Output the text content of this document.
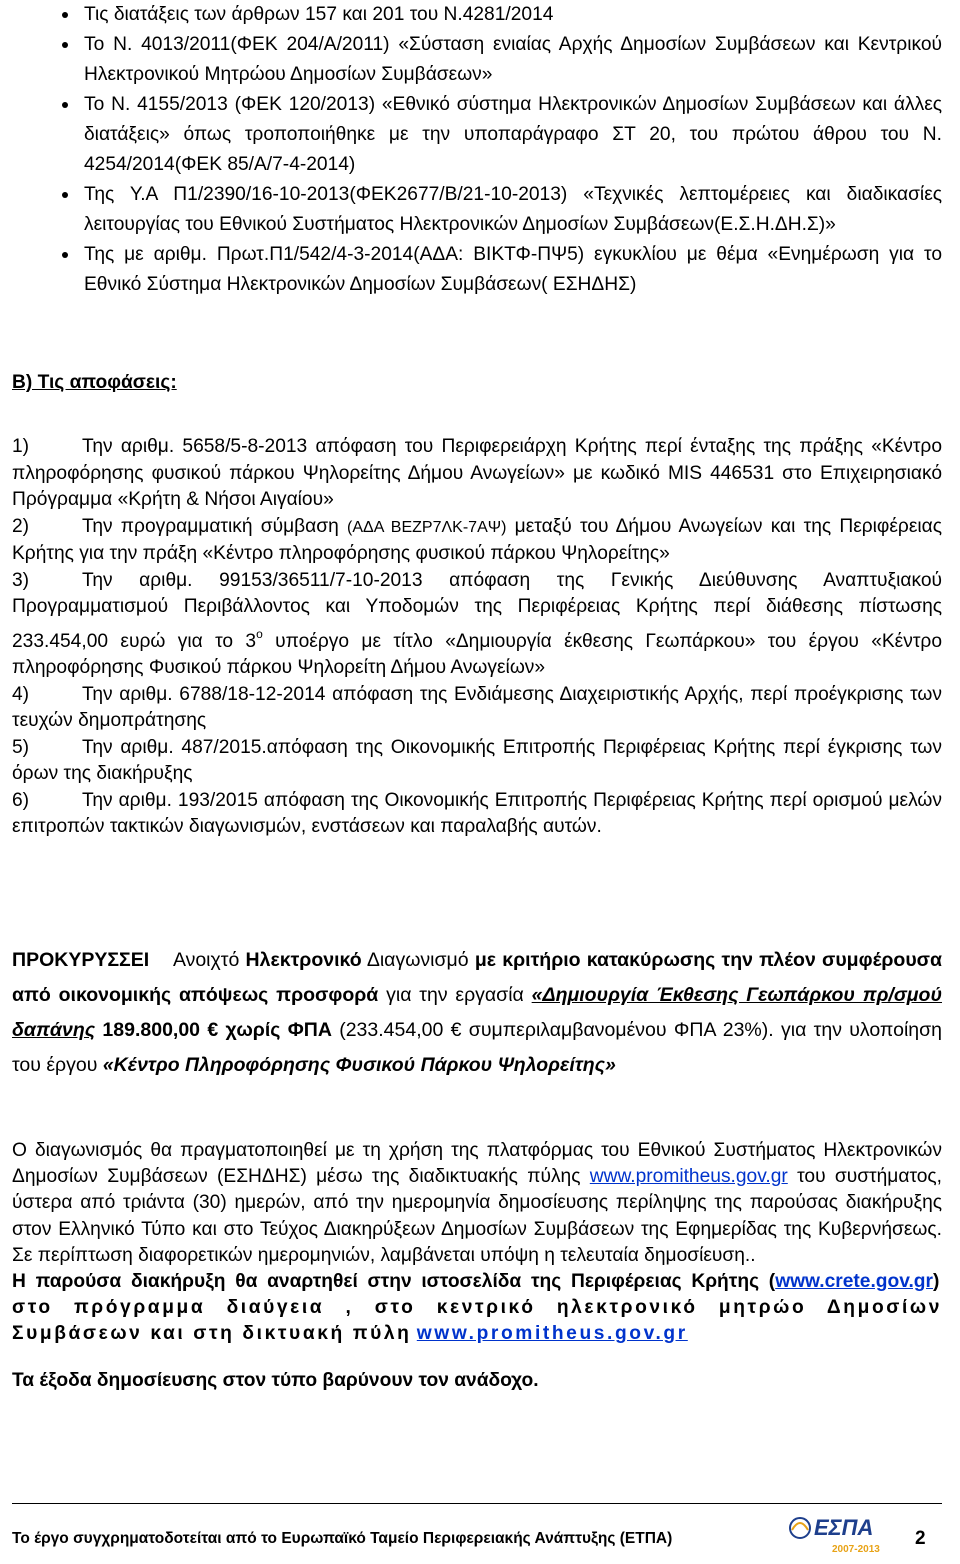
Τις διατάξεις των άρθρων 157 και 201 του Ν.4281/2014
Το Ν. 4013/2011(ΦΕΚ 204/Α/2011) «Σύσταση ενιαίας Αρχής Δημοσίων Συμβάσεων και Κεντρικού Ηλεκτρονικού Μητρώου Δημοσίων Συμβάσεων»
Το Ν. 4155/2013 (ΦΕΚ 120/2013) «Εθνικό σύστημα Ηλεκτρονικών Δημοσίων Συμβάσεων και άλλες διατάξεις» όπως τροποποιήθηκε με την υποπαράγραφο ΣΤ 20, του πρώτου άθρου του Ν. 4254/2014(ΦΕΚ 85/Α/7-4-2014)
Της Υ.Α Π1/2390/16-10-2013(ΦΕΚ2677/Β/21-10-2013) «Τεχνικές λεπτομέρειες και διαδικασίες λειτουργίας του Εθνικού Συστήματος Ηλεκτρονικών Δημοσίων Συμβάσεων(Ε.Σ.Η.ΔΗ.Σ)»
Της με αριθμ. Πρωτ.Π1/542/4-3-2014(ΑΔΑ: ΒΙΚΤΦ-ΠΨ5) εγκυκλίου με θέμα «Ενημέρωση για το Εθνικό Σύστημα Ηλεκτρονικών Δημοσίων Συμβάσεων( ΕΣΗΔΗΣ)
Β) Τις αποφάσεις:
1)	Την αριθμ. 5658/5-8-2013 απόφαση του Περιφερειάρχη Κρήτης περί ένταξης της πράξης «Κέντρο πληροφόρησης φυσικού πάρκου Ψηλορείτης Δήμου Ανωγείων» με κωδικό MIS 446531 στο Επιχειρησιακό Πρόγραμμα «Κρήτη & Νήσοι Αιγαίου»
2)	Την προγραμματική σύμβαση (ΑΔΑ ΒΕΖΡ7ΛΚ-7ΑΨ) μεταξύ του Δήμου Ανωγείων και της Περιφέρειας Κρήτης για την πράξη «Κέντρο πληροφόρησης φυσικού πάρκου Ψηλορείτης»
3)	Την αριθμ. 99153/36511/7-10-2013 απόφαση της Γενικής Διεύθυνσης Αναπτυξιακού Προγραμματισμού Περιβάλλοντος και Υποδομών της Περιφέρειας Κρήτης περί διάθεσης πίστωσης 233.454,00 ευρώ για το $3^o$ υποέργο με τίτλο «Δημιουργία έκθεσης Γεωπάρκου» του έργου «Κέντρο πληροφόρησης Φυσικού πάρκου Ψηλορείτη Δήμου Ανωγείων»
4)	Την αριθμ. 6788/18-12-2014 απόφαση της Ενδιάμεσης Διαχειριστικής Αρχής, περί προέγκρισης των τευχών δημοπράτησης
5)	Την αριθμ. 487/2015.απόφαση της Οικονομικής Επιτροπής Περιφέρειας Κρήτης περί έγκρισης των όρων της διακήρυξης
6)	Την αριθμ. 193/2015 απόφαση της Οικονομικής Επιτροπής Περιφέρειας Κρήτης περί ορισμού μελών επιτροπών τακτικών διαγωνισμών, ενστάσεων και παραλαβής αυτών.
ΠΡΟΚΥΡΥΣΣΕΙ Ανοιχτό Ηλεκτρονικό Διαγωνισμό με κριτήριο κατακύρωσης την πλέον συμφέρουσα από οικονομικής απόψεως προσφορά για την εργασία «Δημιουργία Έκθεσης Γεωπάρκου πρ/σμού δαπάνης 189.800,00 € χωρίς ΦΠΑ (233.454,00 € συμπεριλαμβανομένου ΦΠΑ 23%). για την υλοποίηση του έργου «Κέντρο Πληροφόρησης Φυσικού Πάρκου Ψηλορείτης»
Ο διαγωνισμός θα πραγματοποιηθεί με τη χρήση της πλατφόρμας του Εθνικού Συστήματος Ηλεκτρονικών Δημοσίων Συμβάσεων (ΕΣΗΔΗΣ) μέσω της διαδικτυακής πύλης www.promitheus.gov.gr του συστήματος, ύστερα από τριάντα (30) ημερών, από την ημερομηνία δημοσίευσης περίληψης της παρούσας διακήρυξης στον Ελληνικό Τύπο και στο Τεύχος Διακηρύξεων Δημοσίων Συμβάσεων της Εφημερίδας της Κυβερνήσεως. Σε περίπτωση διαφορετικών ημερομηνιών, λαμβάνεται υπόψη η τελευταία δημοσίευση..
Η παρούσα διακήρυξη θα αναρτηθεί στην ιστοσελίδα της Περιφέρειας Κρήτης (www.crete.gov.gr) στο πρόγραμμα διαύγεια , στο κεντρικό ηλεκτρονικό μητρώο Δημοσίων Συμβάσεων και στη δικτυακή πύλη www.promitheus.gov.gr
Τα έξοδα δημοσίευσης στον τύπο βαρύνουν τον ανάδοχο.
Το έργο συγχρηματοδοτείται από το Ευρωπαϊκό Ταμείο Περιφερειακής Ανάπτυξης (ΕΤΠΑ)	ΕΣΠΑ
2007-2013
2
